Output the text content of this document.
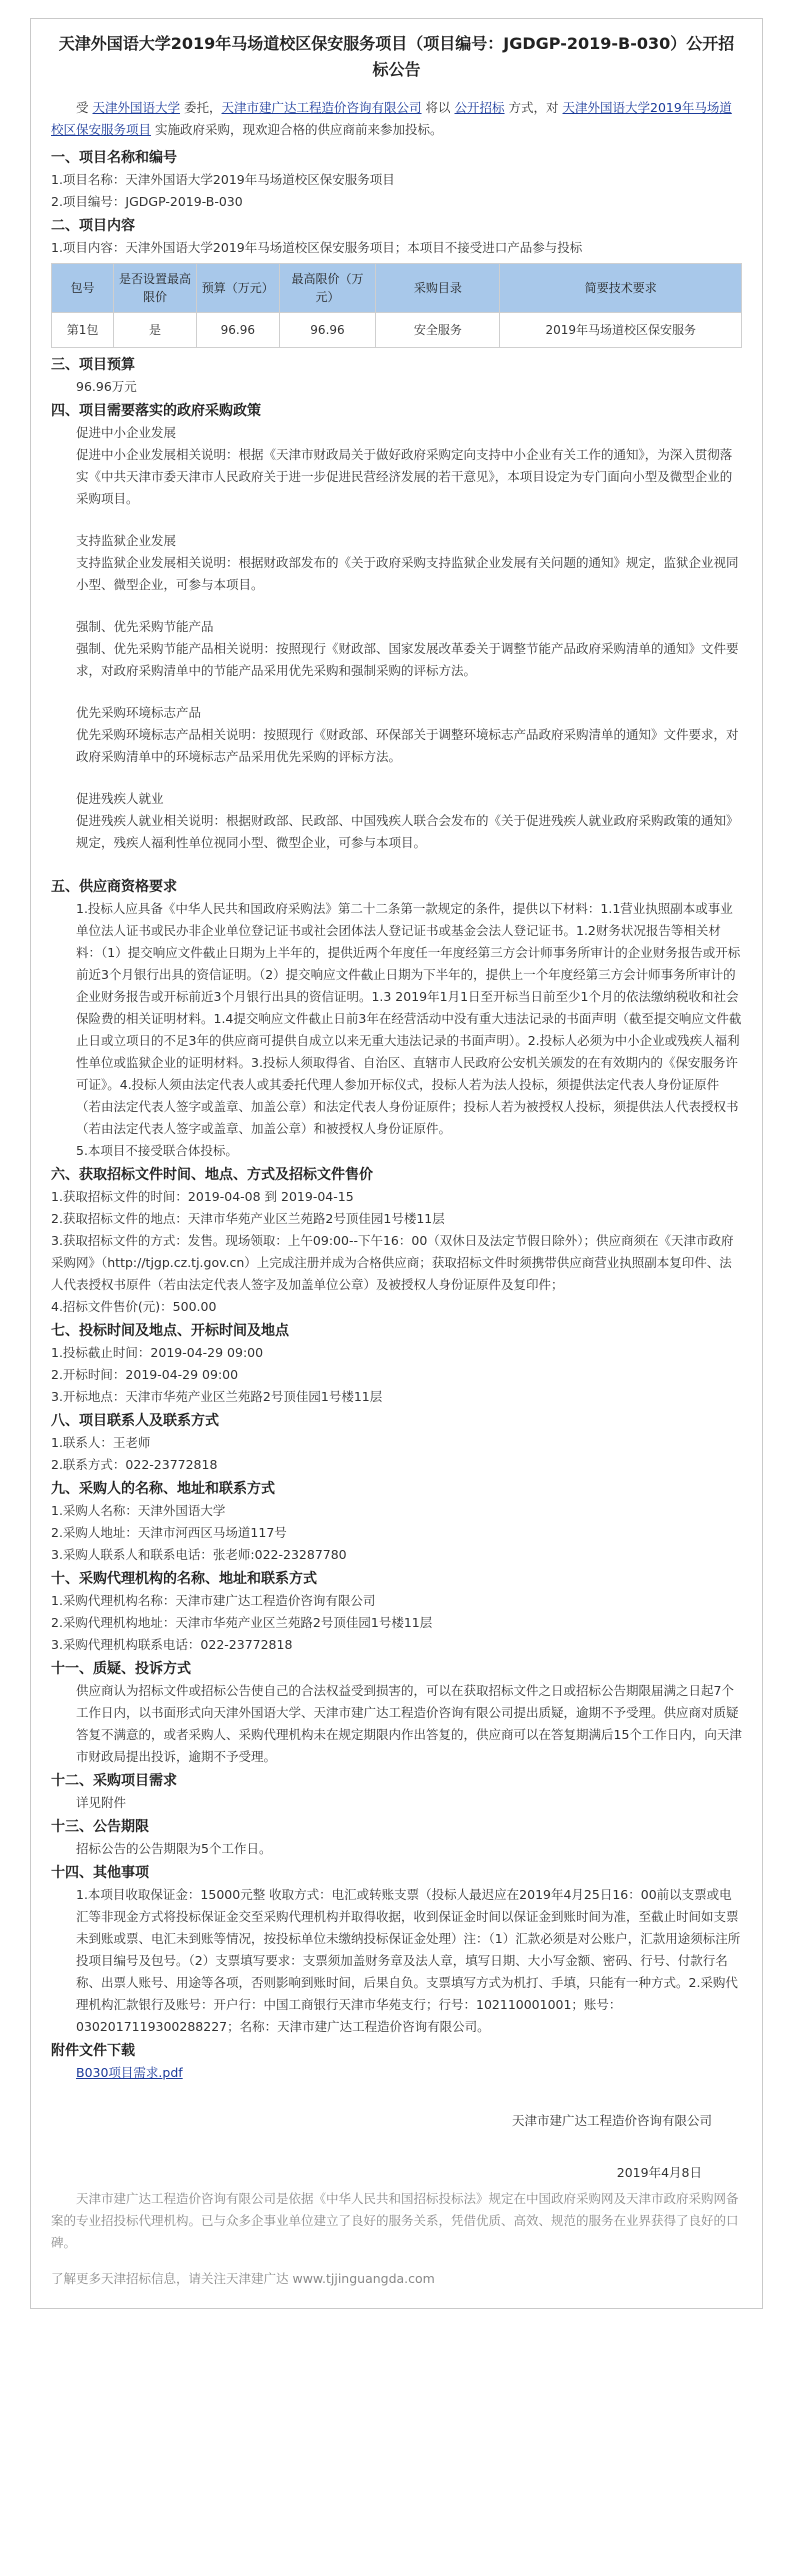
天津外国语大学2019年马场道校区保安服务项目（项目编号：JGDGP-2019-B-030）公开招标公告

受 天津外国语大学 委托，天津市建广达工程造价咨询有限公司 将以 公开招标 方式，对 天津外国语大学2019年马场道校区保安服务项目 实施政府采购，现欢迎合格的供应商前来参加投标。

一、项目名称和编号

1.项目名称：天津外国语大学2019年马场道校区保安服务项目

2.项目编号：JGDGP-2019-B-030

二、项目内容

1.项目内容：天津外国语大学2019年马场道校区保安服务项目；本项目不接受进口产品参与投标

包号	是否设置最高限价	预算（万元）	最高限价（万元）	采购目录	简要技术要求
第1包	是	96.96	96.96	安全服务	2019年马场道校区保安服务
三、项目预算

96.96万元

四、项目需要落实的政府采购政策

促进中小企业发展

促进中小企业发展相关说明：根据《天津市财政局关于做好政府采购定向支持中小企业有关工作的通知》，为深入贯彻落实《中共天津市委天津市人民政府关于进一步促进民营经济发展的若干意见》，本项目设定为专门面向小型及微型企业的采购项目。

支持监狱企业发展

支持监狱企业发展相关说明：根据财政部发布的《关于政府采购支持监狱企业发展有关问题的通知》规定，监狱企业视同小型、微型企业，可参与本项目。

强制、优先采购节能产品

强制、优先采购节能产品相关说明：按照现行《财政部、国家发展改革委关于调整节能产品政府采购清单的通知》文件要求，对政府采购清单中的节能产品采用优先采购和强制采购的评标方法。

优先采购环境标志产品

优先采购环境标志产品相关说明：按照现行《财政部、环保部关于调整环境标志产品政府采购清单的通知》文件要求，对政府采购清单中的环境标志产品采用优先采购的评标方法。

促进残疾人就业

促进残疾人就业相关说明：根据财政部、民政部、中国残疾人联合会发布的《关于促进残疾人就业政府采购政策的通知》规定，残疾人福利性单位视同小型、微型企业，可参与本项目。

五、供应商资格要求

1.投标人应具备《中华人民共和国政府采购法》第二十二条第一款规定的条件，提供以下材料：1.1营业执照副本或事业单位法人证书或民办非企业单位登记证书或社会团体法人登记证书或基金会法人登记证书。1.2财务状况报告等相关材料：（1）提交响应文件截止日期为上半年的，提供近两个年度任一年度经第三方会计师事务所审计的企业财务报告或开标前近3个月银行出具的资信证明。（2）提交响应文件截止日期为下半年的，提供上一个年度经第三方会计师事务所审计的企业财务报告或开标前近3个月银行出具的资信证明。1.3 2019年1月1日至开标当日前至少1个月的依法缴纳税收和社会保险费的相关证明材料。1.4提交响应文件截止日前3年在经营活动中没有重大违法记录的书面声明（截至提交响应文件截止日或立项日的不足3年的供应商可提供自成立以来无重大违法记录的书面声明）。2.投标人必须为中小企业或残疾人福利性单位或监狱企业的证明材料。3.投标人须取得省、自治区、直辖市人民政府公安机关颁发的在有效期内的《保安服务许可证》。4.投标人须由法定代表人或其委托代理人参加开标仪式，投标人若为法人投标，须提供法定代表人身份证原件（若由法定代表人签字或盖章、加盖公章）和法定代表人身份证原件；投标人若为被授权人投标，须提供法人代表授权书（若由法定代表人签字或盖章、加盖公章）和被授权人身份证原件。

5.本项目不接受联合体投标。

六、获取招标文件时间、地点、方式及招标文件售价

1.获取招标文件的时间：2019-04-08 到 2019-04-15

2.获取招标文件的地点：天津市华苑产业区兰苑路2号顶佳园1号楼11层

3.获取招标文件的方式：发售。现场领取：上午09:00--下午16：00（双休日及法定节假日除外）；供应商须在《天津市政府采购网》（http://tjgp.cz.tj.gov.cn）上完成注册并成为合格供应商；获取招标文件时须携带供应商营业执照副本复印件、法人代表授权书原件（若由法定代表人签字及加盖单位公章）及被授权人身份证原件及复印件；

4.招标文件售价(元)：500.00

七、投标时间及地点、开标时间及地点

1.投标截止时间：2019-04-29 09:00

2.开标时间：2019-04-29 09:00

3.开标地点：天津市华苑产业区兰苑路2号顶佳园1号楼11层

八、项目联系人及联系方式

1.联系人：王老师

2.联系方式：022-23772818

九、采购人的名称、地址和联系方式

1.采购人名称：天津外国语大学

2.采购人地址：天津市河西区马场道117号

3.采购人联系人和联系电话：张老师:022-23287780

十、采购代理机构的名称、地址和联系方式

1.采购代理机构名称：天津市建广达工程造价咨询有限公司

2.采购代理机构地址：天津市华苑产业区兰苑路2号顶佳园1号楼11层

3.采购代理机构联系电话：022-23772818

十一、质疑、投诉方式

供应商认为招标文件或招标公告使自己的合法权益受到损害的，可以在获取招标文件之日或招标公告期限届满之日起7个工作日内，以书面形式向天津外国语大学、天津市建广达工程造价咨询有限公司提出质疑，逾期不予受理。供应商对质疑答复不满意的，或者采购人、采购代理机构未在规定期限内作出答复的，供应商可以在答复期满后15个工作日内，向天津市财政局提出投诉，逾期不予受理。

十二、采购项目需求

详见附件

十三、公告期限

招标公告的公告期限为5个工作日。

十四、其他事项

1.本项目收取保证金：15000元整 收取方式：电汇或转账支票（投标人最迟应在2019年4月25日16：00前以支票或电汇等非现金方式将投标保证金交至采购代理机构并取得收据，收到保证金时间以保证金到账时间为准，至截止时间如支票未到账或票、电汇未到账等情况，按投标单位未缴纳投标保证金处理）注：（1）汇款必须是对公账户，汇款用途须标注所投项目编号及包号。（2）支票填写要求：支票须加盖财务章及法人章，填写日期、大小写金额、密码、行号、付款行名称、出票人账号、用途等各项，否则影响到账时间，后果自负。支票填写方式为机打、手填，只能有一种方式。2.采购代理机构汇款银行及账号：开户行：中国工商银行天津市华苑支行；行号：102110001001；账号：0302017119300288227；名称：天津市建广达工程造价咨询有限公司。

附件文件下载

B030项目需求.pdf

天津市建广达工程造价咨询有限公司

2019年4月8日

天津市建广达工程造价咨询有限公司是依据《中华人民共和国招标投标法》规定在中国政府采购网及天津市政府采购网备案的专业招投标代理机构。已与众多企事业单位建立了良好的服务关系，凭借优质、高效、规范的服务在业界获得了良好的口碑。

了解更多天津招标信息，请关注天津建广达 www.tjjinguangda.com
